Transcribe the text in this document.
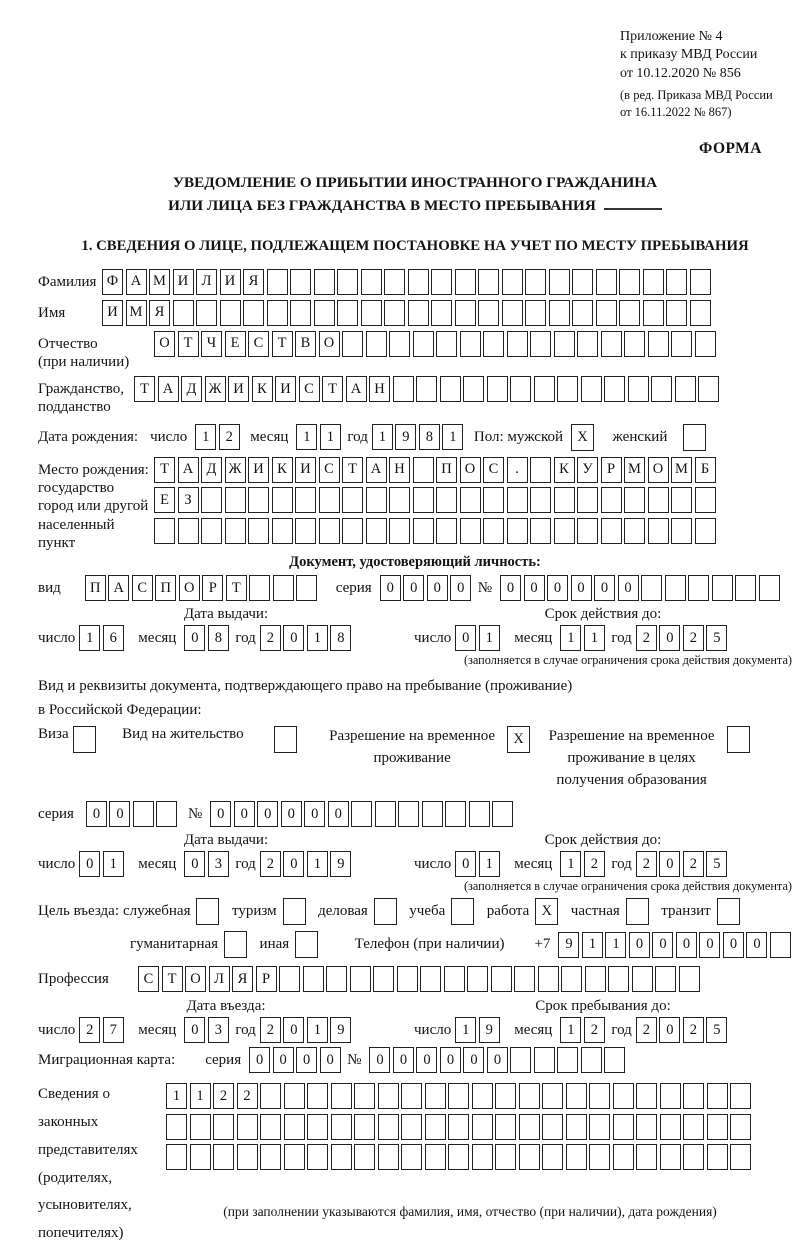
Приложение № 4
к приказу МВД России
от 10.12.2020 № 856
(в ред. Приказа МВД России
от 16.11.2022 № 867)
ФОРМА
УВЕДОМЛЕНИЕ О ПРИБЫТИИ ИНОСТРАННОГО ГРАЖДАНИНА
ИЛИ ЛИЦА БЕЗ ГРАЖДАНСТВА В МЕСТО ПРЕБЫВАНИЯ
1. СВЕДЕНИЯ О ЛИЦЕ, ПОДЛЕЖАЩЕМ ПОСТАНОВКЕ НА УЧЕТ ПО МЕСТУ ПРЕБЫВАНИЯ
Фамилия Ф А М И Л И Я
Имя	И М Я
Отчество
(при наличии)
О Т Ч Е С Т В О
Гражданство,
подданство
Т А Д Ж И К И С Т А Н
Дата рождения: число	1	2	месяц	1	1 год 1	9	8	1	Пол: мужской X	женский
Место рождения:
государство
город или другой
населенный пункт
Т А Д Ж И К И С Т А Н	П О С	.	К У Р М О М Б
Е	З
Документ, удостоверяющий личность:
вид	П А С П О Р	Т	серия	0	0	0	0 №	0	0	0	0	0	0
Дата выдачи:
число 1	6	месяц	0	8 год 2	0	1	8
Срок действия до:
число 0	1	месяц	1	1 год 2	0	2	5
(заполняется в случае ограничения срока действия документа)
Вид и реквизиты документа, подтверждающего право на пребывание (проживание)
в Российской Федерации:
Виза	Вид на жительство	Разрешение на временное
проживание
X	Разрешение на временное
проживание в целях
получения образования
серия	0	0	№	0	0	0	0	0	0
Дата выдачи:
число 0	1	месяц	0	3 год 2	0	1	9
Срок действия до:
число 0	1	месяц	1	2 год 2	0	2	5
(заполняется в случае ограничения срока действия документа)
Цель въезда: служебная	туризм	деловая	учеба	работа X	частная	транзит
гуманитарная	иная	Телефон (при наличии) +7	9	1	1	0	0	0	0	0	0
Профессия	С Т О Л Я	Р
Дата въезда:
число 2	7	месяц	0	3 год 2	0	1	9
Срок пребывания до:
число 1	9	месяц	1	2 год 2	0	2	5
Миграционная карта: серия	0	0	0	0 №	0	0	0	0	0	0
Сведения о
законных
представителях
(родителях,
усыновителях,
попечителях)
1	1	2	2
(при заполнении указываются фамилия, имя, отчество (при наличии), дата рождения)
